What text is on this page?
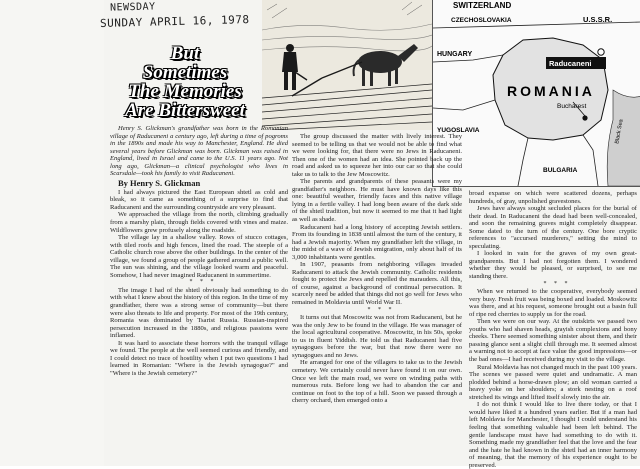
NEWSDAY
SUNDAY APRIL 16, 1978
But
Sometimes
The Memories
Are Bittersweet
SWITZERLAND
CZECHOSLOVAKIA	U.S.S.R.
HUNGARY
ROMANIA
YUGOSLAVIA
BULGARIA
Raducaneni
Bucharest
Black Sea

Henry S. Glickman's grandfather was born in the Romanian village of Raducaneni a century ago, left during a time of pogroms in the 1890s and made his way to Manchester, England. He died several years before Glickman was born. Glickman was raised in England, lived in Israel and came to the U.S. 11 years ago. Not long ago, Glickman—a clinical psychologist who lives in Scarsdale—took his family to visit Raducaneni.

By Henry S. Glickman

I had always pictured the East European shtetl as cold and bleak, so it came as something of a surprise to find that Raducaneni and the surrounding countryside are very pleasant.

We approached the village from the north, climbing gradually from a marshy plain, through fields covered with vines and maize. Wildflowers grew profusely along the roadside.

The village lay in a shallow valley. Rows of stucco cottages, with tiled roofs and high fences, lined the road. The steeple of a Catholic church rose above the other buildings. In the center of the village, we found a group of people gathered around a public well. The sun was shining, and the village looked warm and peaceful. Somehow, I had never imagined Raducaneni in summertime.

* * *

The image I had of the shtetl obviously had something to do with what I knew about the history of this region. In the time of my grandfather, there was a strong sense of community—but there were also threats to life and property. For most of the 19th century, Romania was dominated by Tsarist Russia. Russian-inspired persecution increased in the 1880s, and religious passions were inflamed.

It was hard to associate these horrors with the tranquil village we found. The people at the well seemed curious and friendly, and I could detect no trace of hostility when I put two questions I had learned in Romanian: "Where is the Jewish synagogue?" and "Where is the Jewish cemetery?"

The group discussed the matter with lively interest. They seemed to be telling us that we would not be able to find what we were looking for, that there were no Jews in Raducaneni. Then one of the women had an idea. She pointed back up the road and asked us to squeeze her into our car so that she could take us to talk to the Jew Moscowitz.

The parents and grandparents of these peasants were my grandfather's neighbors. He must have known days like this one: beautiful weather, friendly faces and this native village lying in a fertile valley. I had long been aware of the dark side of the shtetl tradition, but now it seemed to me that it had light as well as shade.

Raducaneni had a long history of accepting Jewish settlers. From its founding in 1838 until almost the turn of the century, it had a Jewish majority. When my grandfather left the village, in the midst of a wave of Jewish emigration, only about half of its 3,000 inhabitants were gentiles.

In 1907, peasants from neighboring villages invaded Raducaneni to attack the Jewish community. Catholic residents fought to protect the Jews and repelled the marauders. All this, of course, against a background of continual persecution. It scarcely need be added that things did not go well for Jews who remained in Moldavia until World War II.

* * *

It turns out that Moscowitz was not from Raducaneni, but he was the only Jew to be found in the village. He was manager of the local agricultural cooperative. Moscowitz, in his 50s, spoke to us in fluent Yiddish. He told us that Raducaneni had five synagogues before the war, but that now there were no synagogues and no Jews.

He arranged for one of the villagers to take us to the Jewish cemetery. We certainly could never have found it on our own. Once we left the main road, we were on winding paths with numerous ruts. Before long we had to abandon the car and continue on foot to the top of a hill. Soon we passed through a cherry orchard, then emerged onto a

broad expanse on which were scattered dozens, perhaps hundreds, of gray, unpolished gravestones.

Jews have always sought secluded places for the burial of their dead. In Raducaneni the dead had been well-concealed, and soon the remaining graves might completely disappear. Some dated to the turn of the century. One bore cryptic references to "accursed murderers," setting the mind to speculating.

I looked in vain for the graves of my own great-grandparents. But I had not forgotten them. I wondered whether they would be pleased, or surprised, to see me standing there.

* * *

When we returned to the cooperative, everybody seemed very busy. Fresh fruit was being boxed and loaded. Moskowitz was there, and at his request, someone brought out a basin full of ripe red cherries to supply us for the road.

Then we were on our way. At the outskirts we passed two youths who had shaven heads, grayish complexions and bony cheeks. There seemed something sinister about them, and their passing glance sent a slight chill through me. It seemed almost a warning not to accept at face value the good impressions—or the bad ones—I had received during my visit to the village.

Rural Moldavia has not changed much in the past 100 years. The scenes we passed were quiet and undramatic. A man plodded behind a horse-drawn plow; an old woman carried a heavy yoke on her shoulders; a stork nesting on a roof stretched its wings and lifted itself slowly into the air.

I do not think I would like to live there today, or that I would have liked it a hundred years earlier. But if a man had left Moldavia for Manchester, I thought I could understand his feeling that something valuable had been left behind. The gentle landscape must have had something to do with it. Something made my grandfather feel that the love and the fear and the hate he had known in the shtetl had an inner harmony of meaning, that the memory of his experience ought to be preserved.
